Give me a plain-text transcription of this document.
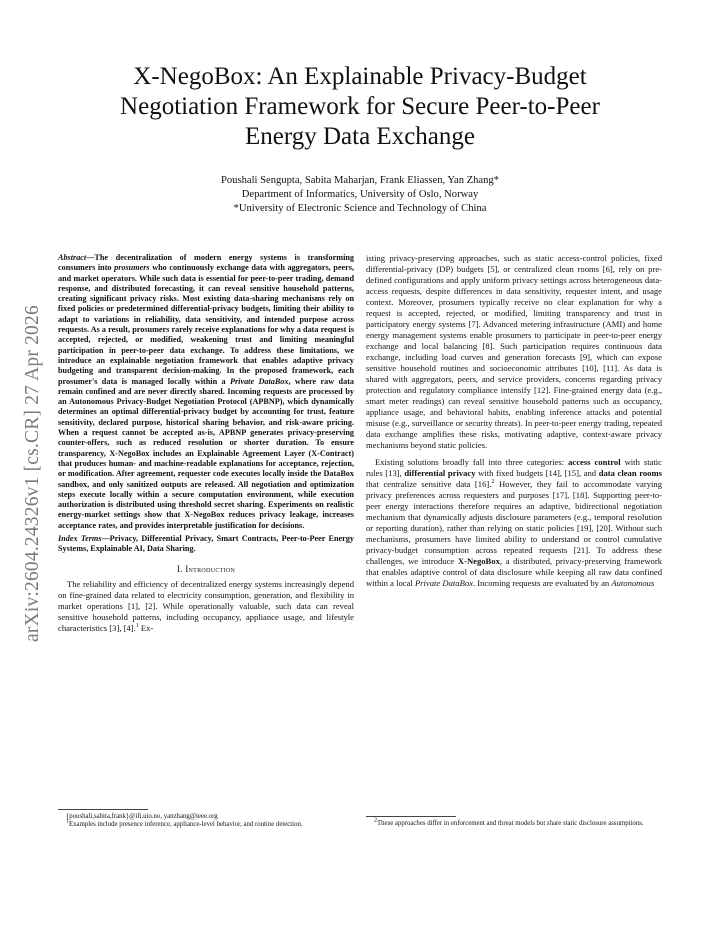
arXiv:2604.24326v1 [cs.CR] 27 Apr 2026
X-NegoBox: An Explainable Privacy-Budget
Negotiation Framework for Secure Peer-to-Peer
Energy Data Exchange
Poushali Sengupta, Sabita Maharjan, Frank Eliassen, Yan Zhang*
Department of Informatics, University of Oslo, Norway
*University of Electronic Science and Technology of China

Abstract—The decentralization of modern energy systems is transforming consumers into prosumers who continuously exchange data with aggregators, peers, and market operators. While such data is essential for peer-to-peer trading, demand response, and distributed forecasting, it can reveal sensitive household patterns, creating significant privacy risks. Most existing data-sharing mechanisms rely on fixed policies or predetermined differential-privacy budgets, limiting their ability to adapt to variations in reliability, data sensitivity, and intended purpose across requests. As a result, prosumers rarely receive explanations for why a data request is accepted, rejected, or modified, weakening trust and limiting meaningful participation in peer-to-peer data exchange. To address these limitations, we introduce an explainable negotiation framework that enables adaptive privacy budgeting and transparent decision-making. In the proposed framework, each prosumer's data is managed locally within a Private DataBox, where raw data remain confined and are never directly shared. Incoming requests are processed by an Autonomous Privacy-Budget Negotiation Protocol (APBNP), which dynamically determines an optimal differential-privacy budget by accounting for trust, feature sensitivity, declared purpose, historical sharing behavior, and risk-aware pricing. When a request cannot be accepted as-is, APBNP generates privacy-preserving counter-offers, such as reduced resolution or shorter duration. To ensure transparency, X-NegoBox includes an Explainable Agreement Layer (X-Contract) that produces human- and machine-readable explanations for acceptance, rejection, or modification. After agreement, requester code executes locally inside the DataBox sandbox, and only sanitized outputs are released. All negotiation and optimization steps execute locally within a secure computation environment, while execution authorization is distributed using threshold secret sharing. Experiments on realistic energy-market settings show that X-NegoBox reduces privacy leakage, increases acceptance rates, and provides interpretable justification for decisions.

Index Terms—Privacy, Differential Privacy, Smart Contracts, Peer-to-Peer Energy Systems, Explainable AI, Data Sharing.

I. Introduction

The reliability and efficiency of decentralized energy systems increasingly depend on fine-grained data related to electricity consumption, generation, and flexibility in market operations [1], [2]. While operationally valuable, such data can reveal sensitive household patterns, including occupancy, appliance usage, and lifestyle characteristics [3], [4].$^1$ Ex-

isting privacy-preserving approaches, such as static access-control policies, fixed differential-privacy (DP) budgets [5], or centralized clean rooms [6], rely on pre-defined configurations and apply uniform privacy settings across heterogeneous data-access requests, despite differences in data sensitivity, requester intent, and usage context. Moreover, prosumers typically receive no clear explanation for why a request is accepted, rejected, or modified, limiting transparency and trust in participatory energy systems [7]. Advanced metering infrastructure (AMI) and home energy management systems enable prosumers to participate in peer-to-peer energy exchange and local balancing [8]. Such participation requires continuous data exchange, including load curves and generation forecasts [9], which can expose sensitive household routines and socioeconomic attributes [10], [11]. As data is shared with aggregators, peers, and service providers, concerns regarding privacy protection and regulatory compliance intensify [12]. Fine-grained energy data (e.g., smart meter readings) can reveal sensitive household patterns such as occupancy, appliance usage, and behavioral habits, enabling inference attacks and potential misuse (e.g., surveillance or security threats). In peer-to-peer energy trading, repeated data exchange amplifies these risks, motivating adaptive, context-aware privacy mechanisms beyond static policies.

Existing solutions broadly fall into three categories: access control with static rules [13], differential privacy with fixed budgets [14], [15], and data clean rooms that centralize sensitive data [16].$^2$ However, they fail to accommodate varying privacy preferences across requesters and purposes [17], [18]. Supporting peer-to-peer energy interactions therefore requires an adaptive, bidirectional negotiation mechanism that dynamically adjusts disclosure parameters (e.g., temporal resolution or reporting duration), rather than relying on static policies [19], [20]. Without such mechanisms, prosumers have limited ability to understand or control cumulative privacy-budget consumption across repeated requests [21]. To address these challenges, we introduce X-NegoBox, a distributed, privacy-preserving framework that enables adaptive control of data disclosure while keeping all raw data confined within a local Private DataBox. Incoming requests are evaluated by an Autonomous

{poushali,sabita,frank}@ifi.uio.no, yanzhang@ieee.org
$^1$Examples include presence inference, appliance-level behavior, and routine detection.
$^2$These approaches differ in enforcement and threat models but share static disclosure assumptions.
